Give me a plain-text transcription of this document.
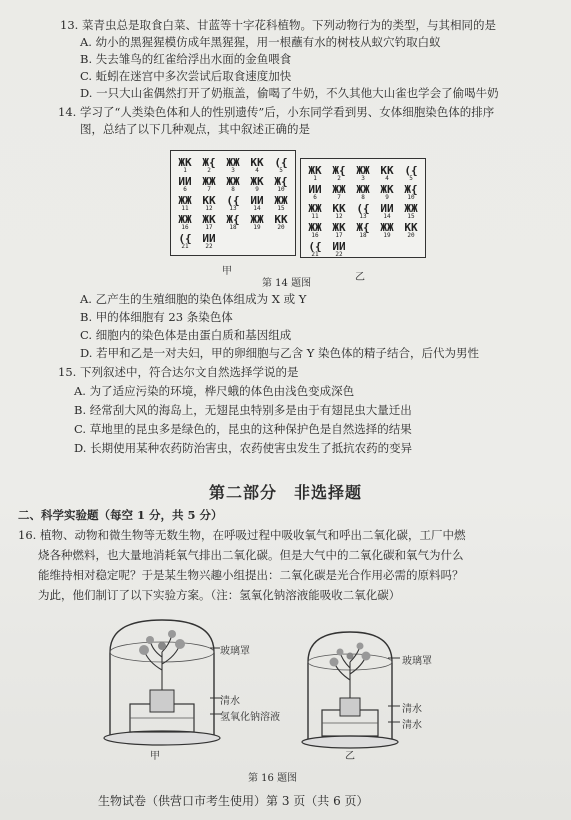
13. 菜青虫总是取食白菜、甘蓝等十字花科植物。下列动物行为的类型，与其相同的是
A. 幼小的黑猩猩模仿成年黑猩猩，用一根蘸有水的树枝从蚁穴钓取白蚁
B. 失去雏鸟的红雀给浮出水面的金鱼喂食
C. 蚯蚓在迷宫中多次尝试后取食速度加快
D. 一只大山雀偶然打开了奶瓶盖，偷喝了牛奶，不久其他大山雀也学会了偷喝牛奶
14. 学习了“人类染色体和人的性别遗传”后，小东同学看到男、女体细胞染色体的排序
图，总结了以下几种观点，其中叙述正确的是
ЖК
1
Ж{
2
ЖЖ
3
КК
4
({
5
ИИ
6
ЖЖ
7
ЖЖ
8
ЖК
9
Ж{
10
ЖЖ
11
КК
12
({
13
ИИ
14
ЖЖ
15
ЖЖ
16
ЖК
17
Ж{
18
ЖЖ
19
КК
20
({
21
ИИ
22
ЖК
1
Ж{
2
ЖЖ
3
КК
4
({
5
ИИ
6
ЖЖ
7
ЖЖ
8
ЖК
9
Ж{
10
ЖЖ
11
КК
12
({
13
ИИ
14
ЖЖ
15
ЖЖ
16
ЖК
17
Ж{
18
ЖЖ
19
КК
20
({
21
ИИ
22
甲
乙
第 14 题图
A. 乙产生的生殖细胞的染色体组成为 X 或 Y
B. 甲的体细胞有 23 条染色体
C. 细胞内的染色体是由蛋白质和基因组成
D. 若甲和乙是一对夫妇，甲的卵细胞与乙含 Y 染色体的精子结合，后代为男性
15. 下列叙述中，符合达尔文自然选择学说的是
A. 为了适应污染的环境，桦尺蛾的体色由浅色变成深色
B. 经常刮大风的海岛上，无翅昆虫特别多是由于有翅昆虫大量迁出
C. 草地里的昆虫多是绿色的，昆虫的这种保护色是自然选择的结果
D. 长期使用某种农药防治害虫，农药使害虫发生了抵抗农药的变异
第二部分　非选择题
二、科学实验题（每空 1 分，共 5 分）
16. 植物、动物和微生物等无数生物，在呼吸过程中吸收氧气和呼出二氧化碳，工厂中燃
烧各种燃料，也大量地消耗氧气排出二氧化碳。但是大气中的二氧化碳和氧气为什么
能维持相对稳定呢？于是某生物兴趣小组提出：二氧化碳是光合作用必需的原料吗？
为此，他们制订了以下实验方案。（注：氢氧化钠溶液能吸收二氧化碳）
玻璃罩
清水
氢氧化钠溶液
甲
玻璃罩
清水
清水
乙
第 16 题图
生物试卷（供营口市考生使用）第 3 页（共 6 页）
